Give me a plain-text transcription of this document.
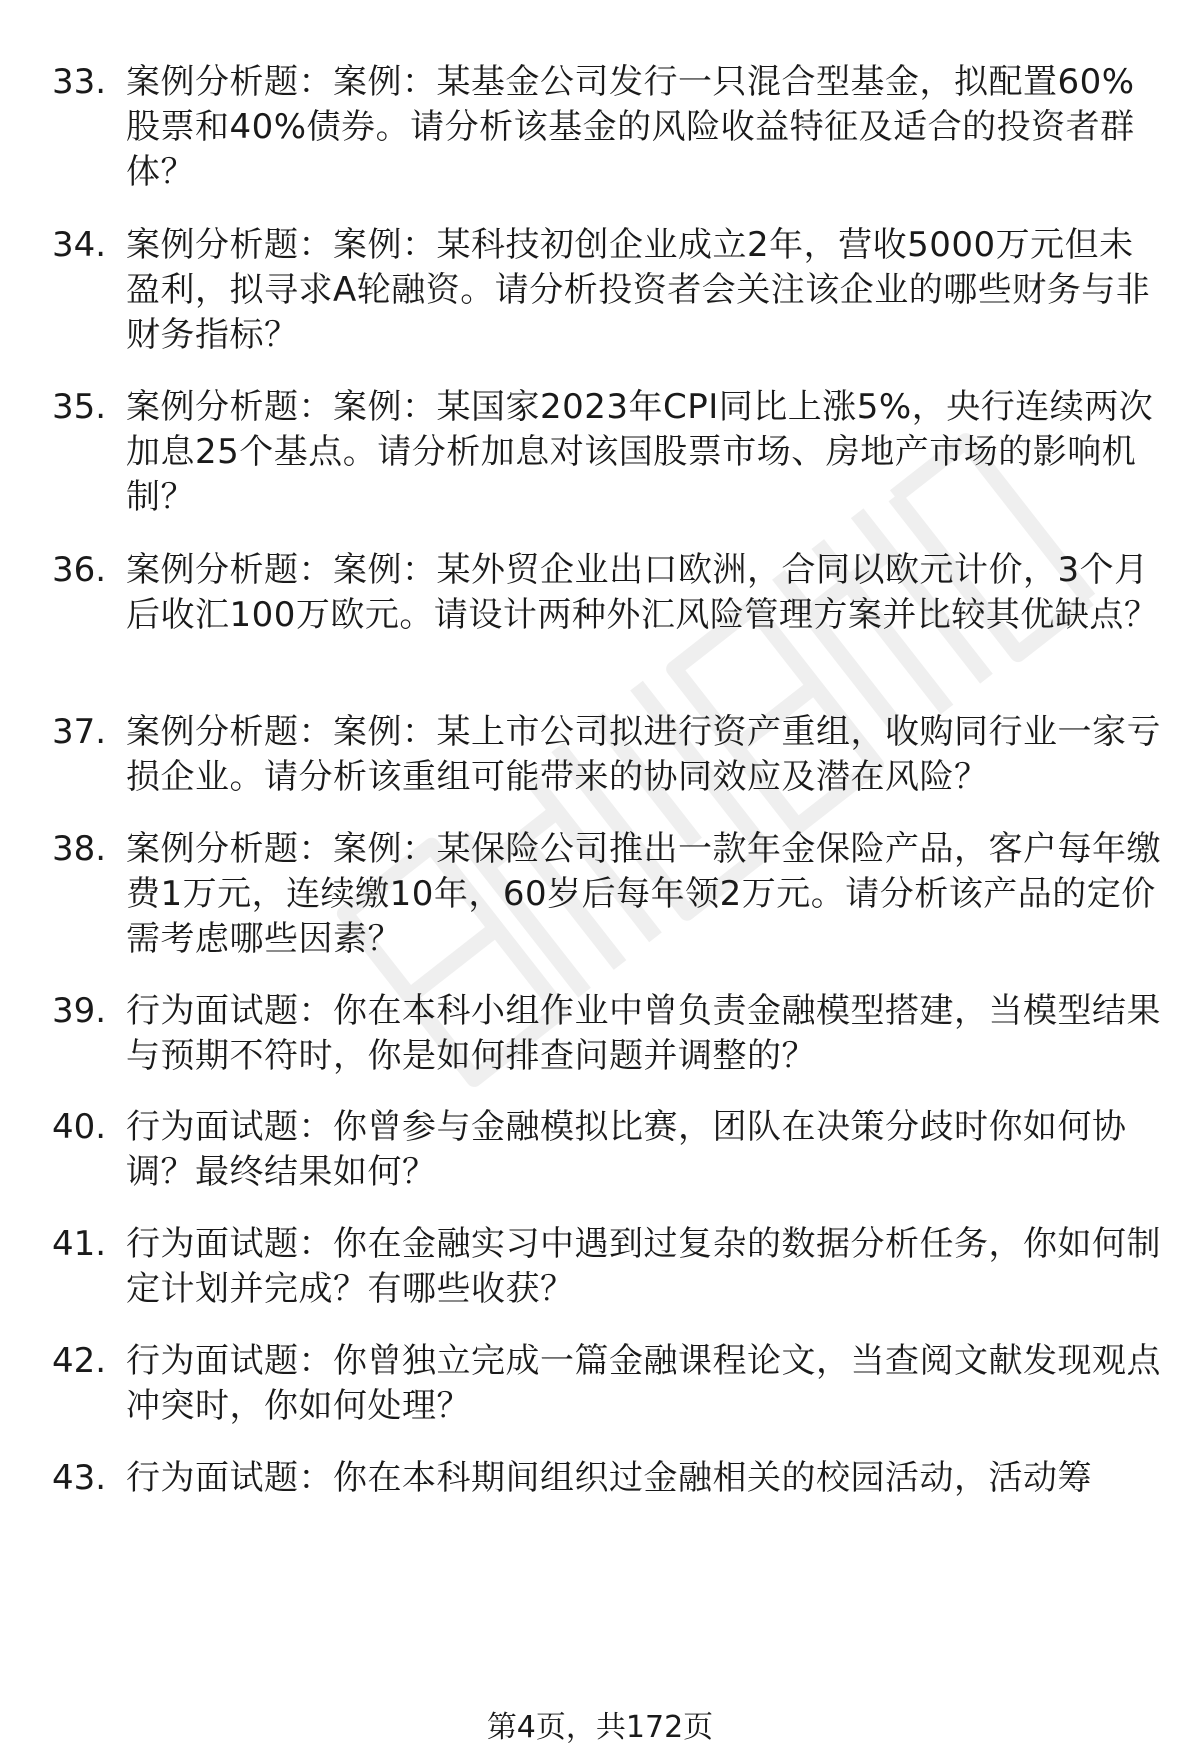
33. 案例分析题：案例：某基金公司发行一只混合型基金，拟配置60%股票和40%债券。请分析该基金的风险收益特征及适合的投资者群体？
34. 案例分析题：案例：某科技初创企业成立2年，营收5000万元但未盈利，拟寻求A轮融资。请分析投资者会关注该企业的哪些财务与非财务指标？
35. 案例分析题：案例：某国家2023年CPI同比上涨5%，央行连续两次加息25个基点。请分析加息对该国股票市场、房地产市场的影响机制？
36. 案例分析题：案例：某外贸企业出口欧洲，合同以欧元计价，3个月后收汇100万欧元。请设计两种外汇风险管理方案并比较其优缺点？
37. 案例分析题：案例：某上市公司拟进行资产重组，收购同行业一家亏损企业。请分析该重组可能带来的协同效应及潜在风险？
38. 案例分析题：案例：某保险公司推出一款年金保险产品，客户每年缴费1万元，连续缴10年，60岁后每年领2万元。请分析该产品的定价需考虑哪些因素？
39. 行为面试题：你在本科小组作业中曾负责金融模型搭建，当模型结果与预期不符时，你是如何排查问题并调整的？
40. 行为面试题：你曾参与金融模拟比赛，团队在决策分歧时你如何协调？最终结果如何？
41. 行为面试题：你在金融实习中遇到过复杂的数据分析任务，你如何制定计划并完成？有哪些收获？
42. 行为面试题：你曾独立完成一篇金融课程论文，当查阅文献发现观点冲突时，你如何处理？
43. 行为面试题：你在本科期间组织过金融相关的校园活动，活动筹
第4页，共172页
